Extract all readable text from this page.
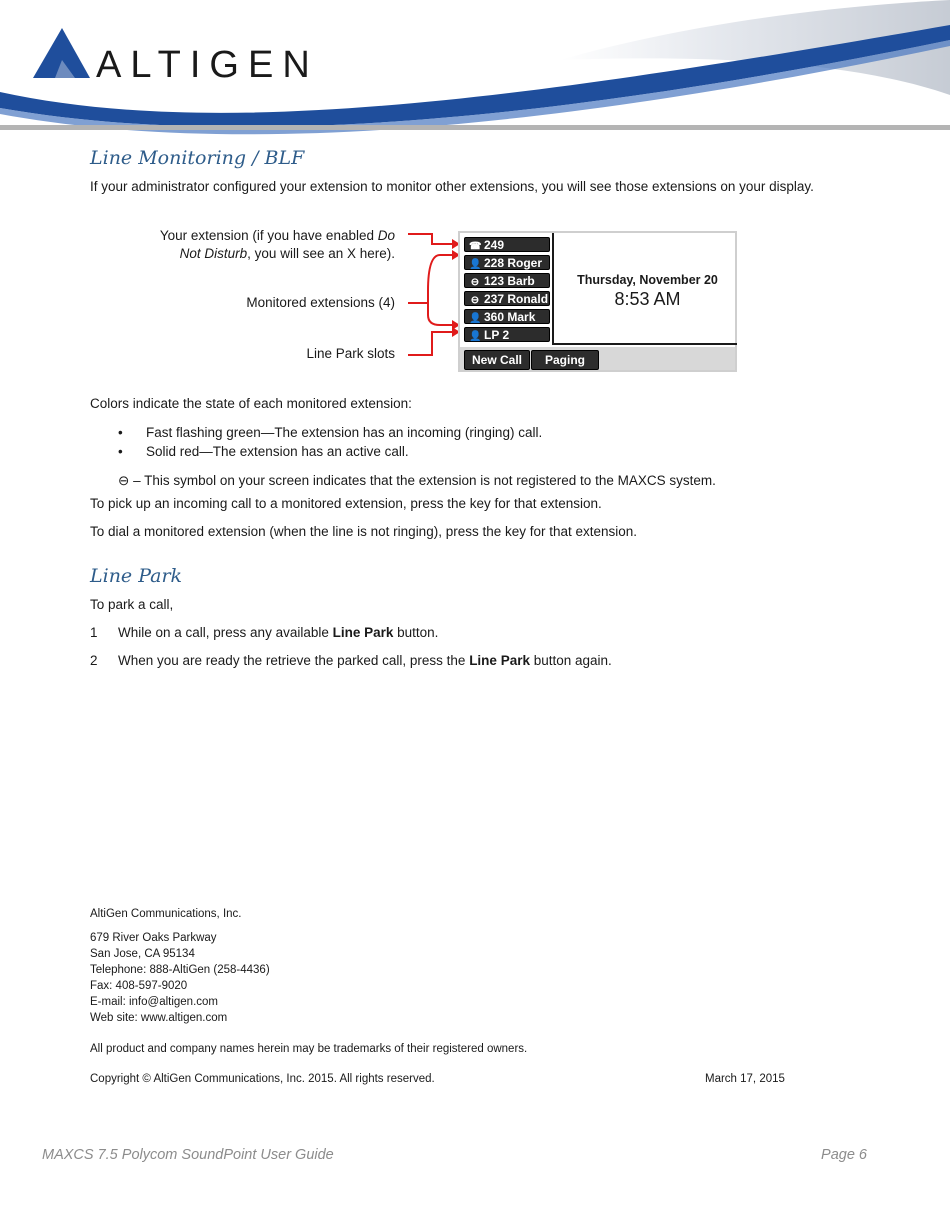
ALTIGEN
Line Monitoring / BLF
If your administrator configured your extension to monitor other extensions, you will see those extensions on your display.
Your extension (if you have enabled Do
Not Disturb, you will see an X here).
Monitored extensions (4)
Line Park slots
☎ 249
👤 228 Roger
⊖ 123 Barb
⊖ 237 Ronald
👤 360 Mark
👤 LP 2
Thursday, November 20
8:53 AM
New Call	Paging
Colors indicate the state of each monitored extension:
• Fast flashing green—The extension has an incoming (ringing) call.
• Solid red—The extension has an active call.
⊖ – This symbol on your screen indicates that the extension is not registered to the MAXCS system.
To pick up an incoming call to a monitored extension, press the key for that extension.
To dial a monitored extension (when the line is not ringing), press the key for that extension.
Line Park
To park a call,
1 While on a call, press any available Line Park button.
2 When you are ready the retrieve the parked call, press the Line Park button again.
AltiGen Communications, Inc.
679 River Oaks Parkway
San Jose, CA 95134
Telephone: 888-AltiGen (258-4436)
Fax: 408-597-9020
E-mail: info@altigen.com
Web site: www.altigen.com
All product and company names herein may be trademarks of their registered owners.
Copyright © AltiGen Communications, Inc. 2015. All rights reserved.	March 17, 2015
MAXCS 7.5 Polycom SoundPoint User Guide	Page 6
